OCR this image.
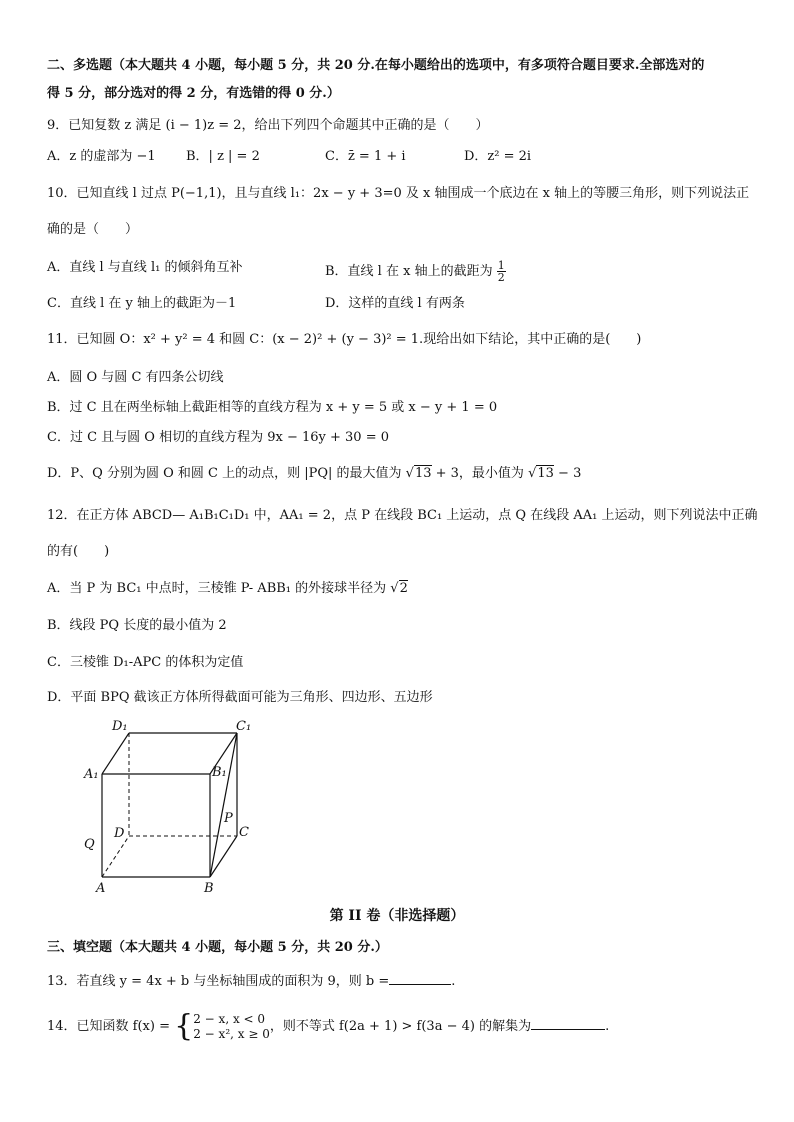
二、多选题（本大题共 4 小题，每小题 5 分，共 20 分.在每小题给出的选项中，有多项符合题目要求.全部选对的
得 5 分，部分选对的得 2 分，有选错的得 0 分.）
9．已知复数 z 满足 (i − 1)z = 2，给出下列四个命题其中正确的是（　　）
A．z 的虚部为 −1 B．| z | = 2	C．z̄ = 1 + i	D．z² = 2i
10．已知直线 l 过点 P(−1,1)，且与直线 l₁：2x − y + 3=0 及 x 轴围成一个底边在 x 轴上的等腰三角形，则下列说法正
确的是（　　）
A．直线 l 与直线 l₁ 的倾斜角互补	B．直线 l 在 x 轴上的截距为 $\frac{1}{2}$
C．直线 l 在 y 轴上的截距为－1	D．这样的直线 l 有两条
11．已知圆 O：x² + y² = 4 和圆 C：(x − 2)² + (y − 3)² = 1.现给出如下结论，其中正确的是(　　)
A．圆 O 与圆 C 有四条公切线
B．过 C 且在两坐标轴上截距相等的直线方程为 x + y = 5 或 x − y + 1 = 0
C．过 C 且与圆 O 相切的直线方程为 9x − 16y + 30 = 0
D．P、Q 分别为圆 O 和圆 C 上的动点，则 |PQ| 的最大值为 √13 + 3，最小值为 √13 − 3
12．在正方体 ABCD— A₁B₁C₁D₁ 中，AA₁ = 2，点 P 在线段 BC₁ 上运动，点 Q 在线段 AA₁ 上运动，则下列说法中正确
的有(　　)
A．当 P 为 BC₁ 中点时，三棱锥 P- ABB₁ 的外接球半径为 √2
B．线段 PQ 长度的最小值为 2
C．三棱锥 D₁-APC 的体积为定值
D．平面 BPQ 截该正方体所得截面可能为三角形、四边形、五边形
D₁	C₁
A₁	B₁
P
D	C
Q
A	B
第 II 卷（非选择题）
三、填空题（本大题共 4 小题，每小题 5 分，共 20 分.）
13．若直线 y = 4x + b 与坐标轴围成的面积为 9，则 b =	.
14．已知函数 f(x) = { 2 − x, x < 0
2 − x², x ≥ 0 ，则不等式 f(2a + 1) > f(3a − 4) 的解集为	.
